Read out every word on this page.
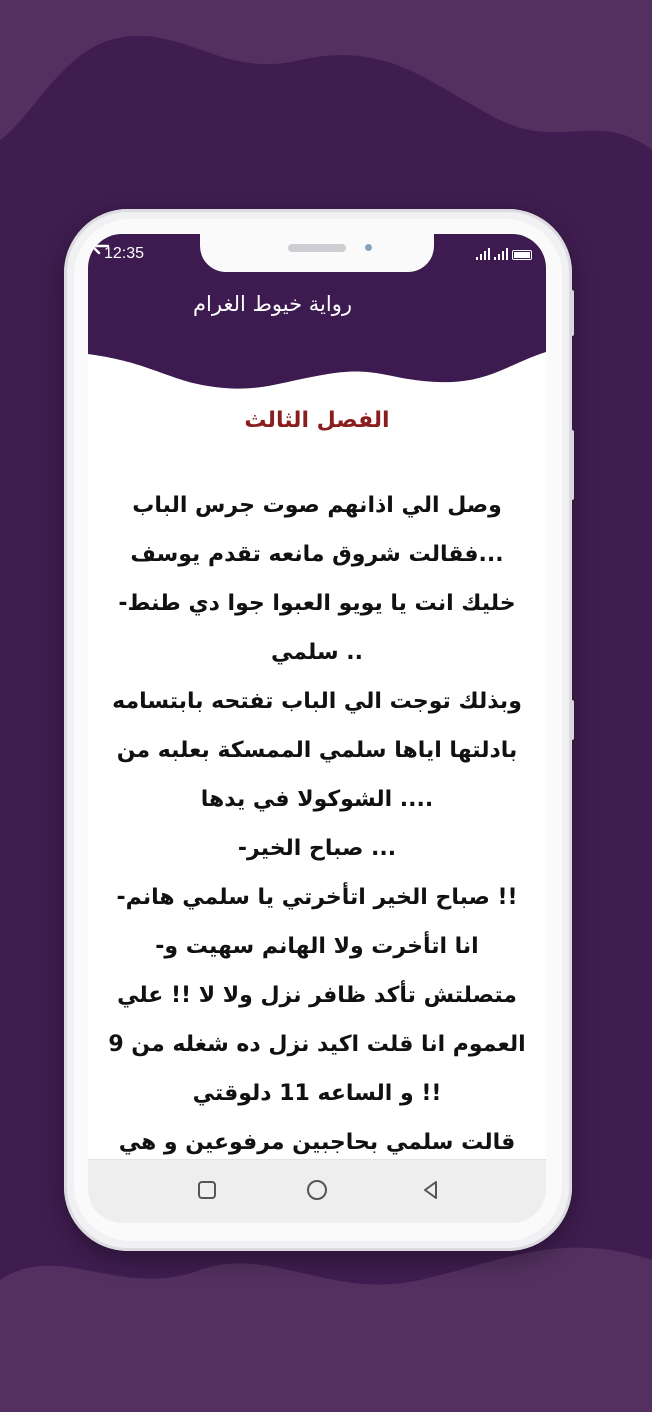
12:35
رواية خيوط الغرام
الفصل الثالث
وصل الي اذانهم صوت جرس الباب
...فقالت شروق مانعه تقدم يوسف
خليك انت يا يويو العبوا جوا دي طنط-
.. سلمي
وبذلك توجت الي الباب تفتحه بابتسامه
بادلتها اياها سلمي الممسكة بعلبه من
.... الشوكولا في يدها
... صباح الخير-
!! صباح الخير اتأخرتي يا سلمي هانم-
انا اتأخرت ولا الهانم سهيت و-
متصلتش تأكد ظافر نزل ولا لا !! علي
العموم انا قلت اكيد نزل ده شغله من 9
!! و الساعه 11 دلوقتي
قالت سلمي بحاجبين مرفوعين و هي
